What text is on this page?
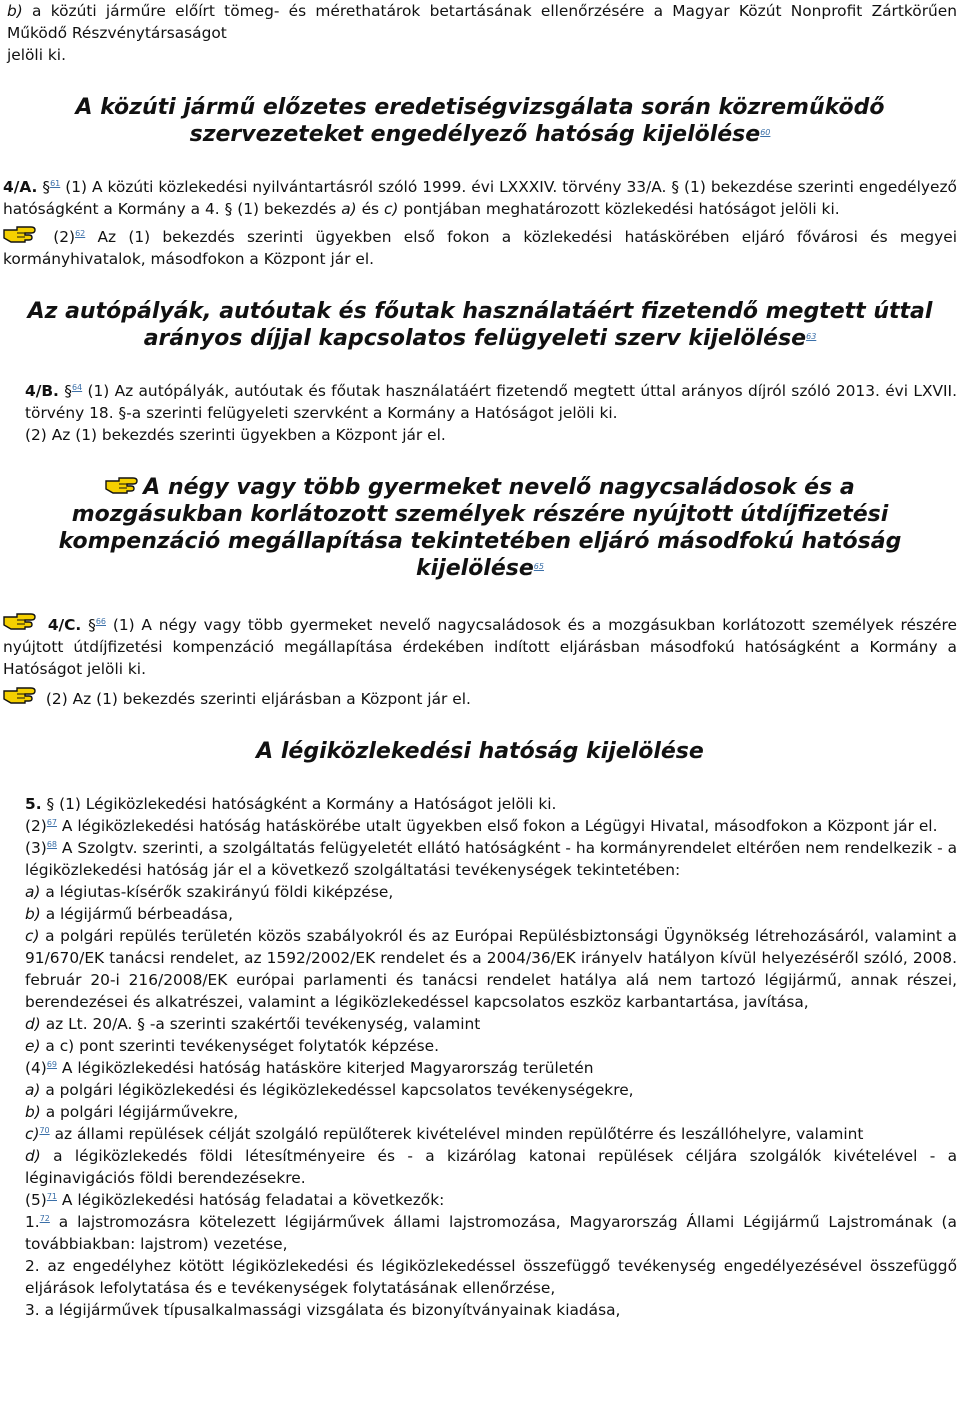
b) a közúti járműre előírt tömeg- és mérethatárok betartásának ellenőrzésére a Magyar Közút Nonprofit Zártkörűen Működő Részvénytársaságot

jelöli ki.

A közúti jármű előzetes eredetiségvizsgálata során közreműködő szervezeteket engedélyező hatóság kijelölése$^{60}$

4/A. §$^{61}$ (1) A közúti közlekedési nyilvántartásról szóló 1999. évi LXXXIV. törvény 33/A. § (1) bekezdése szerinti engedélyező hatóságként a Kormány a 4. § (1) bekezdés a) és c) pontjában meghatározott közlekedési hatóságot jelöli ki.

(2)$^{62}$ Az (1) bekezdés szerinti ügyekben első fokon a közlekedési hatáskörében eljáró fővárosi és megyei kormányhivatalok, másodfokon a Központ jár el.

Az autópályák, autóutak és főutak használatáért fizetendő megtett úttal arányos díjjal kapcsolatos felügyeleti szerv kijelölése$^{63}$

4/B. §$^{64}$ (1) Az autópályák, autóutak és főutak használatáért fizetendő megtett úttal arányos díjról szóló 2013. évi LXVII. törvény 18. §-a szerinti felügyeleti szervként a Kormány a Hatóságot jelöli ki.

(2) Az (1) bekezdés szerinti ügyekben a Központ jár el.

A négy vagy több gyermeket nevelő nagycsaládosok és a mozgásukban korlátozott személyek részére nyújtott útdíjfizetési kompenzáció megállapítása tekintetében eljáró másodfokú hatóság kijelölése$^{65}$

4/C. §$^{66}$ (1) A négy vagy több gyermeket nevelő nagycsaládosok és a mozgásukban korlátozott személyek részére nyújtott útdíjfizetési kompenzáció megállapítása érdekében indított eljárásban másodfokú hatóságként a Kormány a Hatóságot jelöli ki.

(2) Az (1) bekezdés szerinti eljárásban a Központ jár el.

A légiközlekedési hatóság kijelölése

5. § (1) Légiközlekedési hatóságként a Kormány a Hatóságot jelöli ki.

(2)$^{67}$ A légiközlekedési hatóság hatáskörébe utalt ügyekben első fokon a Légügyi Hivatal, másodfokon a Központ jár el.

(3)$^{68}$ A Szolgtv. szerinti, a szolgáltatás felügyeletét ellátó hatóságként - ha kormányrendelet eltérően nem rendelkezik - a légiközlekedési hatóság jár el a következő szolgáltatási tevékenységek tekintetében:

a) a légiutas-kísérők szakirányú földi kiképzése,

b) a légijármű bérbeadása,

c) a polgári repülés területén közös szabályokról és az Európai Repülésbiztonsági Ügynökség létrehozásáról, valamint a 91/670/EK tanácsi rendelet, az 1592/2002/EK rendelet és a 2004/36/EK irányelv hatályon kívül helyezéséről szóló, 2008. február 20-i 216/2008/EK európai parlamenti és tanácsi rendelet hatálya alá nem tartozó légijármű, annak részei, berendezései és alkatrészei, valamint a légiközlekedéssel kapcsolatos eszköz karbantartása, javítása,

d) az Lt. 20/A. § -a szerinti szakértői tevékenység, valamint

e) a c) pont szerinti tevékenységet folytatók képzése.

(4)$^{69}$ A légiközlekedési hatóság hatásköre kiterjed Magyarország területén

a) a polgári légiközlekedési és légiközlekedéssel kapcsolatos tevékenységekre,

b) a polgári légijárművekre,

c)$^{70}$ az állami repülések célját szolgáló repülőterek kivételével minden repülőtérre és leszállóhelyre, valamint

d) a légiközlekedés földi létesítményeire és - a kizárólag katonai repülések céljára szolgálók kivételével - a léginavigációs földi berendezésekre.

(5)$^{71}$ A légiközlekedési hatóság feladatai a következők:

1.72 a lajstromozásra kötelezett légijárművek állami lajstromozása, Magyarország Állami Légijármű Lajstromának (a továbbiakban: lajstrom) vezetése,

2. az engedélyhez kötött légiközlekedési és légiközlekedéssel összefüggő tevékenység engedélyezésével összefüggő eljárások lefolytatása és e tevékenységek folytatásának ellenőrzése,

3. a légijárművek típusalkalmassági vizsgálata és bizonyítványainak kiadása,
